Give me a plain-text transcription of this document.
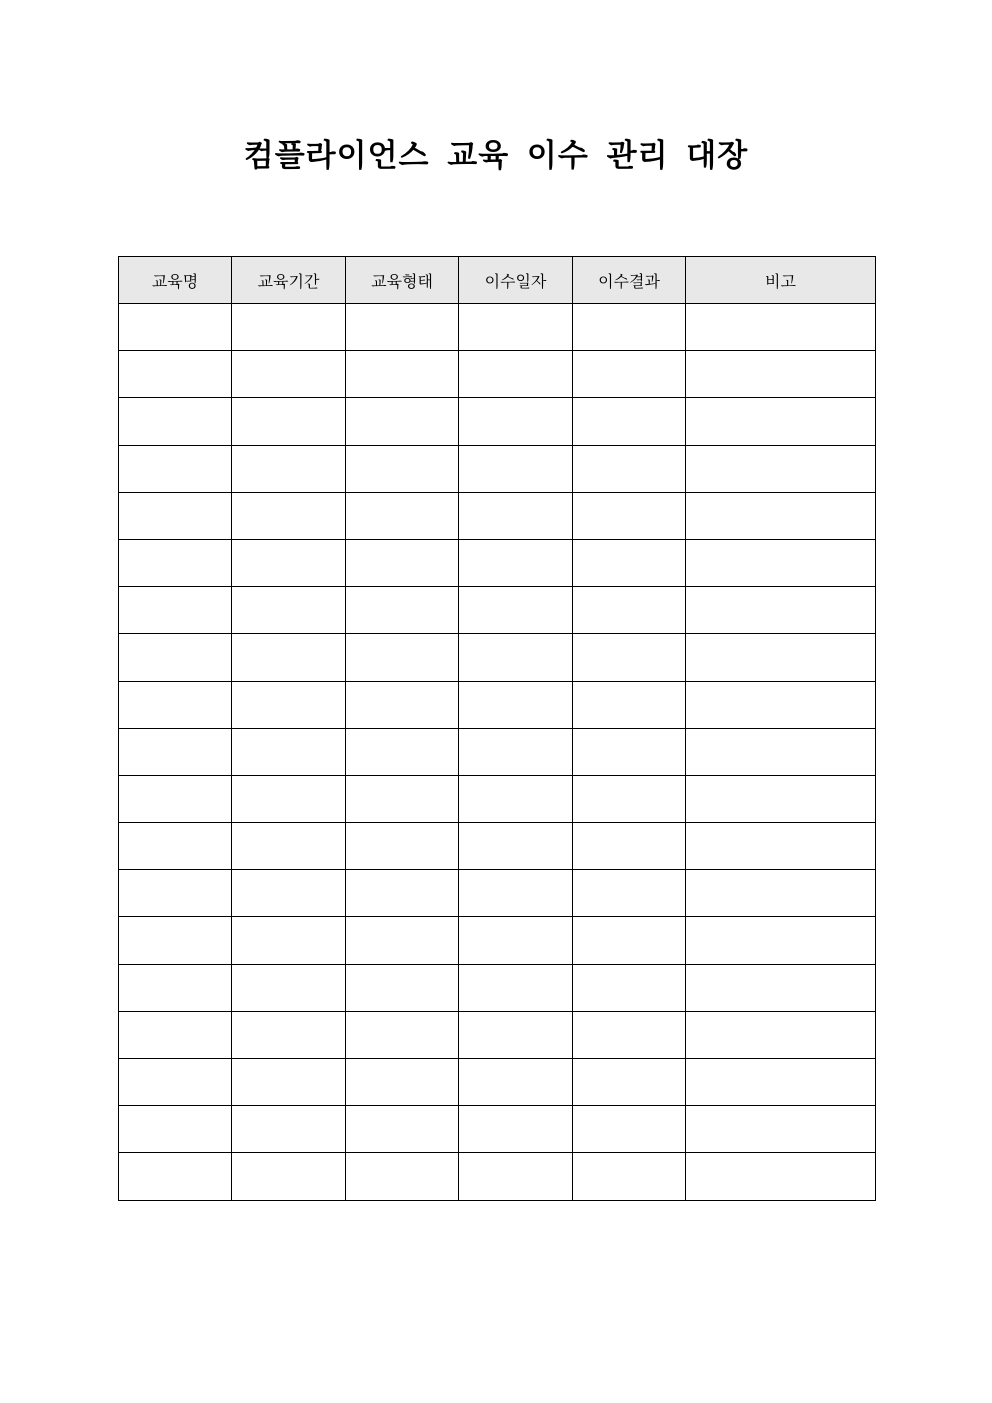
컴플라이언스 교육 이수 관리 대장
교육명	교육기간	교육형태	이수일자	이수결과	비고
